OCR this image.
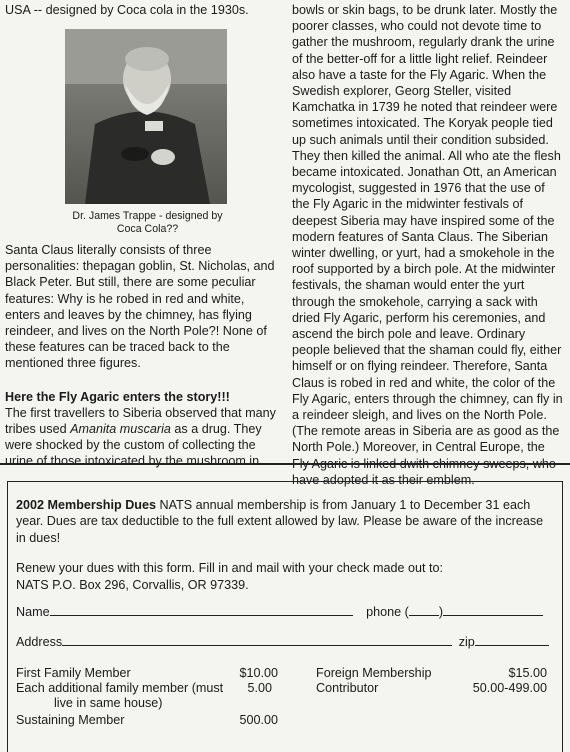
USA -- designed by Coca cola in the 1930s.
Dr. James Trappe - designed by
Coca Cola??

Santa Claus literally consists of three personalities: thepagan goblin, St. Nicholas, and Black Peter. But still, there are some peculiar features: Why is he robed in red and white, enters and leaves by the chimney, has flying reindeer, and lives on the North Pole?! None of these features can be traced back to the mentioned three figures.

Here the Fly Agaric enters the story!!!

The first travellers to Siberia observed that many tribes used Amanita muscaria as a drug. They were shocked by the custom of collecting the urine of those intoxicated by the mushroom in

bowls or skin bags, to be drunk later. Mostly the poorer classes, who could not devote time to gather the mushroom, regularly drank the urine of the better-off for a little light relief. Reindeer also have a taste for the Fly Agaric. When the Swedish explorer, Georg Steller, visited Kamchatka in 1739 he noted that reindeer were sometimes intoxicated. The Koryak people tied up such animals until their condition subsided. They then killed the animal. All who ate the flesh became intoxicated. Jonathan Ott, an American mycologist, suggested in 1976 that the use of the Fly Agaric in the midwinter festivals of deepest Siberia may have inspired some of the modern features of Santa Claus. The Siberian winter dwelling, or yurt, had a smokehole in the roof supported by a birch pole. At the midwinter festivals, the shaman would enter the yurt through the smokehole, carrying a sack with dried Fly Agaric, perform his ceremonies, and ascend the birch pole and leave. Ordinary people believed that the shaman could fly, either himself or on flying reindeer. Therefore, Santa Claus is robed in red and white, the color of the Fly Agaric, enters through the chimney, can fly in a reindeer sleigh, and lives on the North Pole. (The remote areas in Siberia are as good as the North Pole.) Moreover, in Central Europe, the Fly Agaric is linked dwith chimney sweeps, who have adopted it as their emblem.

2002 Membership Dues NATS annual membership is from January 1 to December 31 each year. Dues are tax deductible to the full extent allowed by law. Please be aware of the increase in dues!

Renew your dues with this form. Fill in and mail with your check made out to:

NATS P.O. Box 296, Corvallis, OR 97339.

Name	phone ( )
Address	zip
First Family Member	$10.00
Each additional family member (must
live in same house)
5.00
Sustaining Member	500.00
Foreign Membership	$15.00
Contributor	50.00-499.00
